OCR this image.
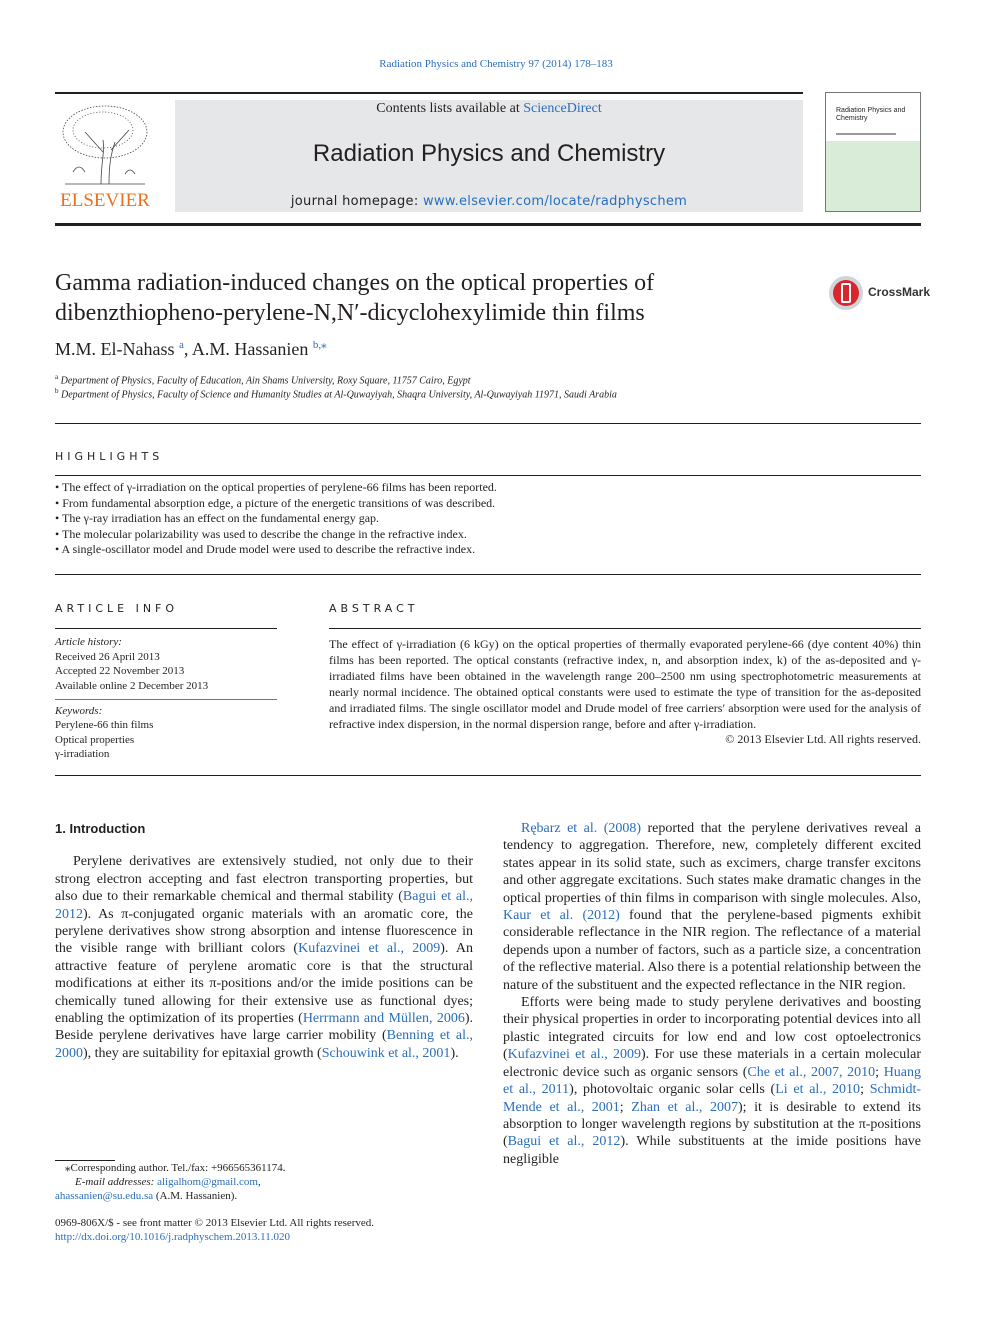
Radiation Physics and Chemistry 97 (2014) 178–183
ELSEVIER
Contents lists available at ScienceDirect
Radiation Physics and Chemistry
journal homepage: www.elsevier.com/locate/radphyschem
Radiation Physics and Chemistry
Gamma radiation-induced changes on the optical properties of
dibenzthiopheno-perylene-N,N′-dicyclohexylimide thin films
CrossMark
M.M. El-Nahass $^a$, A.M. Hassanien $^{b,⁎}$
$^a$ Department of Physics, Faculty of Education, Ain Shams University, Roxy Square, 11757 Cairo, Egypt
$^b$ Department of Physics, Faculty of Science and Humanity Studies at Al-Quwayiyah, Shaqra University, Al-Quwayiyah 11971, Saudi Arabia
HIGHLIGHTS
• The effect of γ-irradiation on the optical properties of perylene-66 films has been reported.
• From fundamental absorption edge, a picture of the energetic transitions of was described.
• The γ-ray irradiation has an effect on the fundamental energy gap.
• The molecular polarizability was used to describe the change in the refractive index.
• A single-oscillator model and Drude model were used to describe the refractive index.
ARTICLE INFO
Article history:
Received 26 April 2013
Accepted 22 November 2013
Available online 2 December 2013
Keywords:
Perylene-66 thin films
Optical properties
γ-irradiation
ABSTRACT
The effect of γ-irradiation (6 kGy) on the optical properties of thermally evaporated perylene-66 (dye content 40%) thin films has been reported. The optical constants (refractive index, n, and absorption index, k) of the as-deposited and γ-irradiated films have been obtained in the wavelength range 200–2500 nm using spectrophotometric measurements at nearly normal incidence. The obtained optical constants were used to estimate the type of transition for the as-deposited and irradiated films. The single oscillator model and Drude model of free carriers′ absorption were used for the analysis of refractive index dispersion, in the normal dispersion range, before and after γ-irradiation.
© 2013 Elsevier Ltd. All rights reserved.
1. Introduction
Perylene derivatives are extensively studied, not only due to their strong electron accepting and fast electron transporting properties, but also due to their remarkable chemical and thermal stability (Bagui et al., 2012). As π-conjugated organic materials with an aromatic core, the perylene derivatives show strong absorption and intense fluorescence in the visible range with brilliant colors (Kufazvinei et al., 2009). An attractive feature of perylene aromatic core is that the structural modifications at either its π-positions and/or the imide positions can be chemically tuned allowing for their extensive use as functional dyes; enabling the optimization of its properties (Herrmann and Müllen, 2006). Beside perylene derivatives have large carrier mobility (Benning et al., 2000), they are suitability for epitaxial growth (Schouwink et al., 2001).
Rębarz et al. (2008) reported that the perylene derivatives reveal a tendency to aggregation. Therefore, new, completely different excited states appear in its solid state, such as excimers, charge transfer excitons and other aggregate excitations. Such states make dramatic changes in the optical properties of thin films in comparison with single molecules. Also, Kaur et al. (2012) found that the perylene-based pigments exhibit considerable reflectance in the NIR region. The reflectance of a material depends upon a number of factors, such as a particle size, a concentration of the reflective material. Also there is a potential relationship between the nature of the substituent and the expected reflectance in the NIR region.
Efforts were being made to study perylene derivatives and boosting their physical properties in order to incorporating potential devices into all plastic integrated circuits for low end and low cost optoelectronics (Kufazvinei et al., 2009). For use these materials in a certain molecular electronic device such as organic sensors (Che et al., 2007, 2010; Huang et al., 2011), photovoltaic organic solar cells (Li et al., 2010; Schmidt-Mende et al., 2001; Zhan et al., 2007); it is desirable to extend its absorption to longer wavelength regions by substitution at the π-positions (Bagui et al., 2012). While substituents at the imide positions have negligible
⁎Corresponding author. Tel./fax: +966565361174.
E-mail addresses: aligalhom@gmail.com,
ahassanien@su.edu.sa (A.M. Hassanien).
0969-806X/$ - see front matter © 2013 Elsevier Ltd. All rights reserved.
http://dx.doi.org/10.1016/j.radphyschem.2013.11.020
